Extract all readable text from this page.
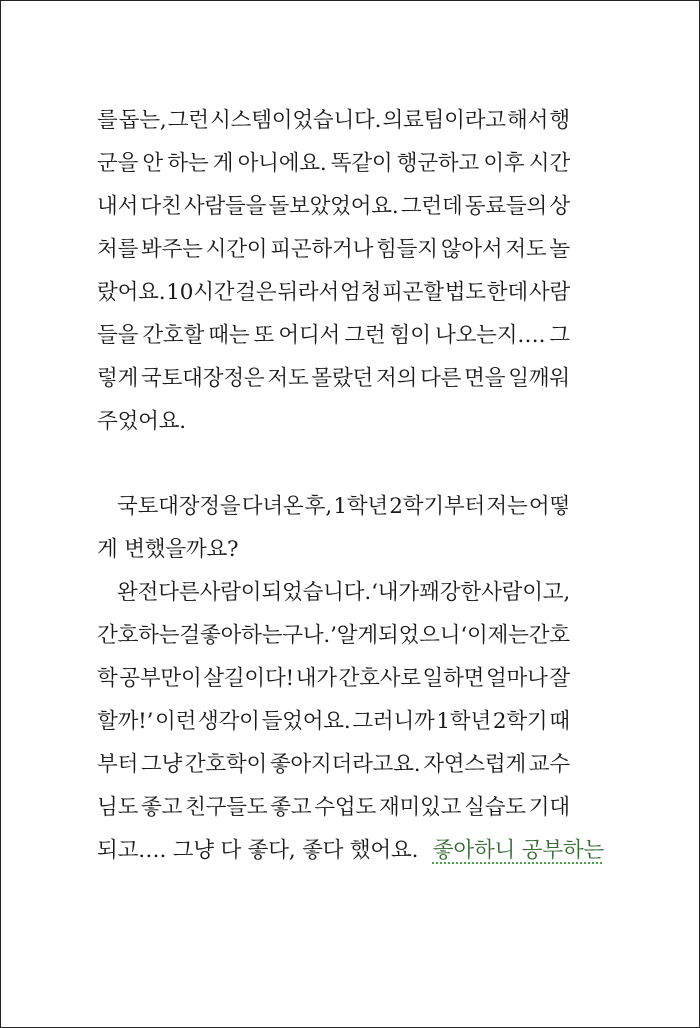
를 돕는, 그런 시스템이었습니다. 의료팀이라고 해서 행
군을 안 하는 게 아니에요. 똑같이 행군하고 이후 시간
내서 다친 사람들을 돌보았었어요. 그런데 동료들의 상
처를 봐주는 시간이 피곤하거나 힘들지 않아서 저도 놀
랐어요. 10시간 걸은 뒤라서 엄청 피곤할 법도 한데 사람
들을 간호할 때는 또 어디서 그런 힘이 나오는지…. 그
렇게 국토대장정은 저도 몰랐던 저의 다른 면을 일깨워
주었어요.
국토대장정을 다녀온 후, 1학년 2학기부터 저는 어떻
게 변했을까요?
완전 다른 사람이 되었습니다. ‘내가 꽤 강한 사람이고,
간호하는 걸 좋아하는구나.’ 알게 되었으니 ‘이제는 간호
학 공부만이 살길이다! 내가 간호사로 일하면 얼마나 잘
할까!’ 이런 생각이 들었어요. 그러니까 1학년 2학기 때
부터 그냥 간호학이 좋아지더라고요. 자연스럽게 교수
님도 좋고 친구들도 좋고 수업도 재미있고 실습도 기대
되고…. 그냥 다 좋다, 좋다 했어요. 좋아하니 공부하는
